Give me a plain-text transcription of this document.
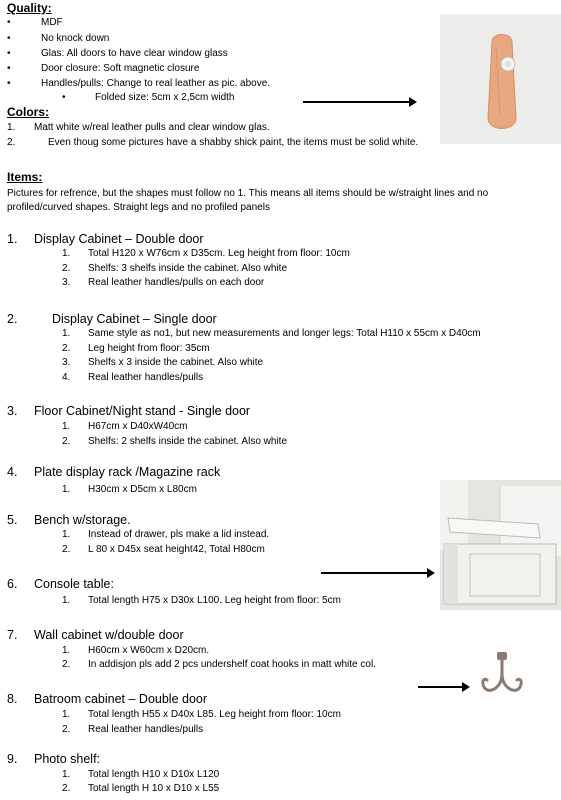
Quality:
•	MDF
•	No knock down
•	Glas: All doors to have clear window glass
•	Door closure: Soft magnetic closure
•	Handles/pulls: Change to real leather as pic. above.
•	Folded size: 5cm x 2,5cm width
Colors:
1. Matt white w/real leather pulls and clear window glas.
2.	Even thoug some pictures have a shabby shick paint, the items must be solid white.
Items:
Pictures for refrence, but the shapes must follow no 1. This means all items should be w/straight lines and no profiled/curved shapes. Straight legs and no profiled panels
1. Display Cabinet – Double door
1. Total H120 x W76cm x D35cm. Leg height from floor: 10cm
2. Shelfs: 3 shelfs inside the cabinet. Also white
3. Real leather handles/pulls on each door
2.	Display Cabinet – Single door
1. Same style as no1, but new measurements and longer legs: Total H110 x 55cm x D40cm
2. Leg height from floor: 35cm
3. Shelfs x 3 inside the cabinet. Also white
4. Real leather handles/pulls
3. Floor Cabinet/Night stand - Single door
1. H67cm x D40xW40cm
2. Shelfs: 2 shelfs inside the cabinet. Also white
4. Plate display rack /Magazine rack
1. H30cm x D5cm x L80cm
5. Bench w/storage.
1. Instead of drawer, pls make a lid instead.
2. L 80 x D45x seat height42, Total H80cm
6. Console table:
1. Total length H75 x D30x L100. Leg height from floor: 5cm
7. Wall cabinet w/double door
1. H60cm x W60cm x D20cm.
2. In addisjon pls add 2 pcs undershelf coat hooks in matt white col.
8. Batroom cabinet – Double door
1. Total length H55 x D40x L85. Leg height from floor: 10cm
2. Real leather handles/pulls
9. Photo shelf:
1. Total length H10 x D10x L120
2. Total length H 10 x D10 x L55
